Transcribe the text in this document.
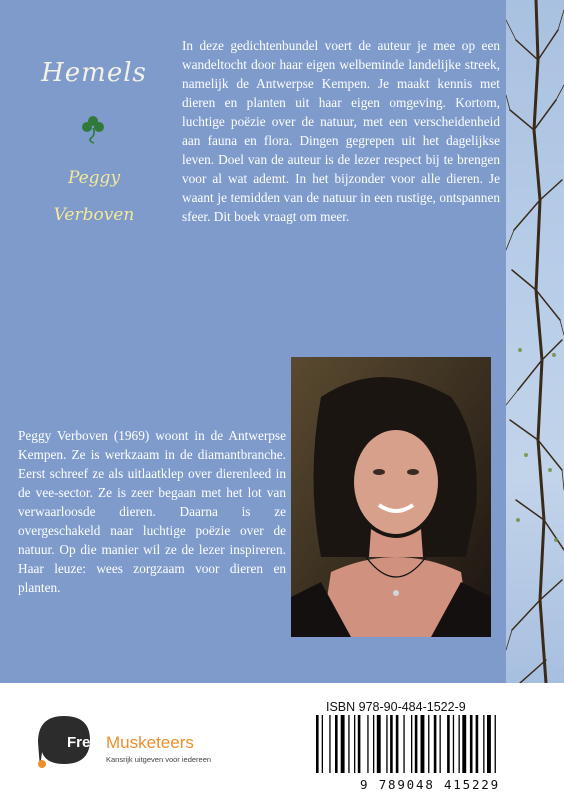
Hemels
Peggy
Verboven
In deze gedichtenbundel voert de auteur je mee op een wandeltocht door haar eigen welbeminde landelijke streek, namelijk de Antwerpse Kempen. Je maakt kennis met dieren en planten uit haar eigen omgeving. Kortom, luchtige poëzie over de natuur, met een verscheidenheid aan fauna en flora. Dingen gegrepen uit het dagelijkse leven. Doel van de auteur is de lezer respect bij te brengen voor al wat ademt. In het bijzonder voor alle dieren. Je waant je temidden van de natuur in een rustige, ontspannen sfeer. Dit boek vraagt om meer.
Peggy Verboven (1969) woont in de Antwerpse Kempen. Ze is werkzaam in de diamantbranche. Eerst schreef ze als uitlaatklep over dierenleed in de vee-sector. Ze is zeer begaan met het lot van verwaarloosde dieren. Daarna is ze overgeschakeld naar luchtige poëzie over de natuur. Op die manier wil ze de lezer inspireren. Haar leuze: wees zorgzaam voor dieren en planten.
Free Musketeers
Kansrijk uitgeven voor iedereen
ISBN 978-90-484-1522-9
9 789048 415229
